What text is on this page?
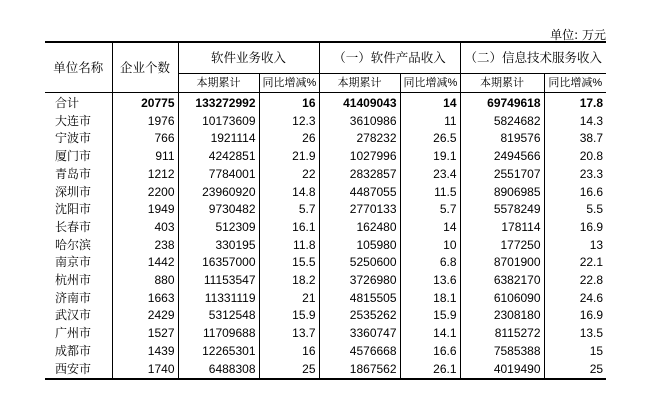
单位: 万元
单位名称	企业个数	软件业务收入		（一）软件产品收入		（二）信息技术服务收入	
		本期累计	同比增减%	本期累计	同比增减%	本期累计	同比增减%
合计	20775	133272992	16	41409043	14	69749618	17.8
大连市	1976	10173609	12.3	3610986	11	5824682	14.3
宁波市	766	1921114	26	278232	26.5	819576	38.7
厦门市	911	4242851	21.9	1027996	19.1	2494566	20.8
青岛市	1212	7784001	22	2832857	23.4	2551707	23.3
深圳市	2200	23960920	14.8	4487055	11.5	8906985	16.6
沈阳市	1949	9730482	5.7	2770133	5.7	5578249	5.5
长春市	403	512309	16.1	162480	14	178114	16.9
哈尔滨	238	330195	11.8	105980	10	177250	13
南京市	1442	16357000	15.5	5250600	6.8	8701900	22.1
杭州市	880	11153547	18.2	3726980	13.6	6382170	22.8
济南市	1663	11331119	21	4815505	18.1	6106090	24.6
武汉市	2429	5312548	15.9	2535262	15.9	2308180	16.9
广州市	1527	11709688	13.7	3360747	14.1	8115272	13.5
成都市	1439	12265301	16	4576668	16.6	7585388	15
西安市	1740	6488308	25	1867562	26.1	4019490	25
